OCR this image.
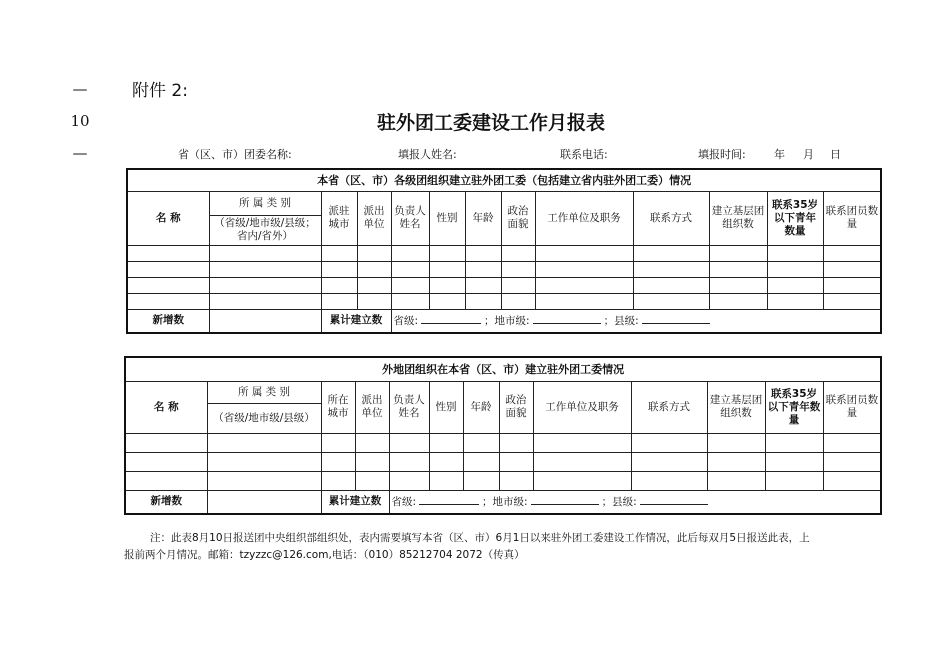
—
10
—
附件 2:
驻外团工委建设工作月报表
省（区、市）团委名称:	填报人姓名:	联系电话:	填报时间:	年 月 日
本省（区、市）各级团组织建立驻外团工委（包括建立省内驻外团工委）情况												
名 称	所 属 类 别	派驻城市	派出单位	负责人姓名	性别	年龄	政治面貌	工作单位及职务	联系方式	建立基层团组织数	联系35岁以下青年数量	联系团员数量
	（省级/地市级/县级；省内/省外）											

新增数		累计建立数		省级: ；地市级: ；县级:								
外地团组织在本省（区、市）建立驻外团工委情况												
名 称	所 属 类 别	所在城市	派出单位	负责人姓名	性别	年龄	政治面貌	工作单位及职务	联系方式	建立基层团组织数	联系35岁以下青年数量	联系团员数量
	（省级/地市级/县级）											

新增数		累计建立数		省级: ；地市级: ；县级:								
注：此表8月10日报送团中央组织部组织处，表内需要填写本省（区、市）6月1日以来驻外团工委建设工作情况，此后每双月5日报送此表，上
报前两个月情况。邮箱：tzyzzc@126.com,电话：（010）85212704 2072（传真）
